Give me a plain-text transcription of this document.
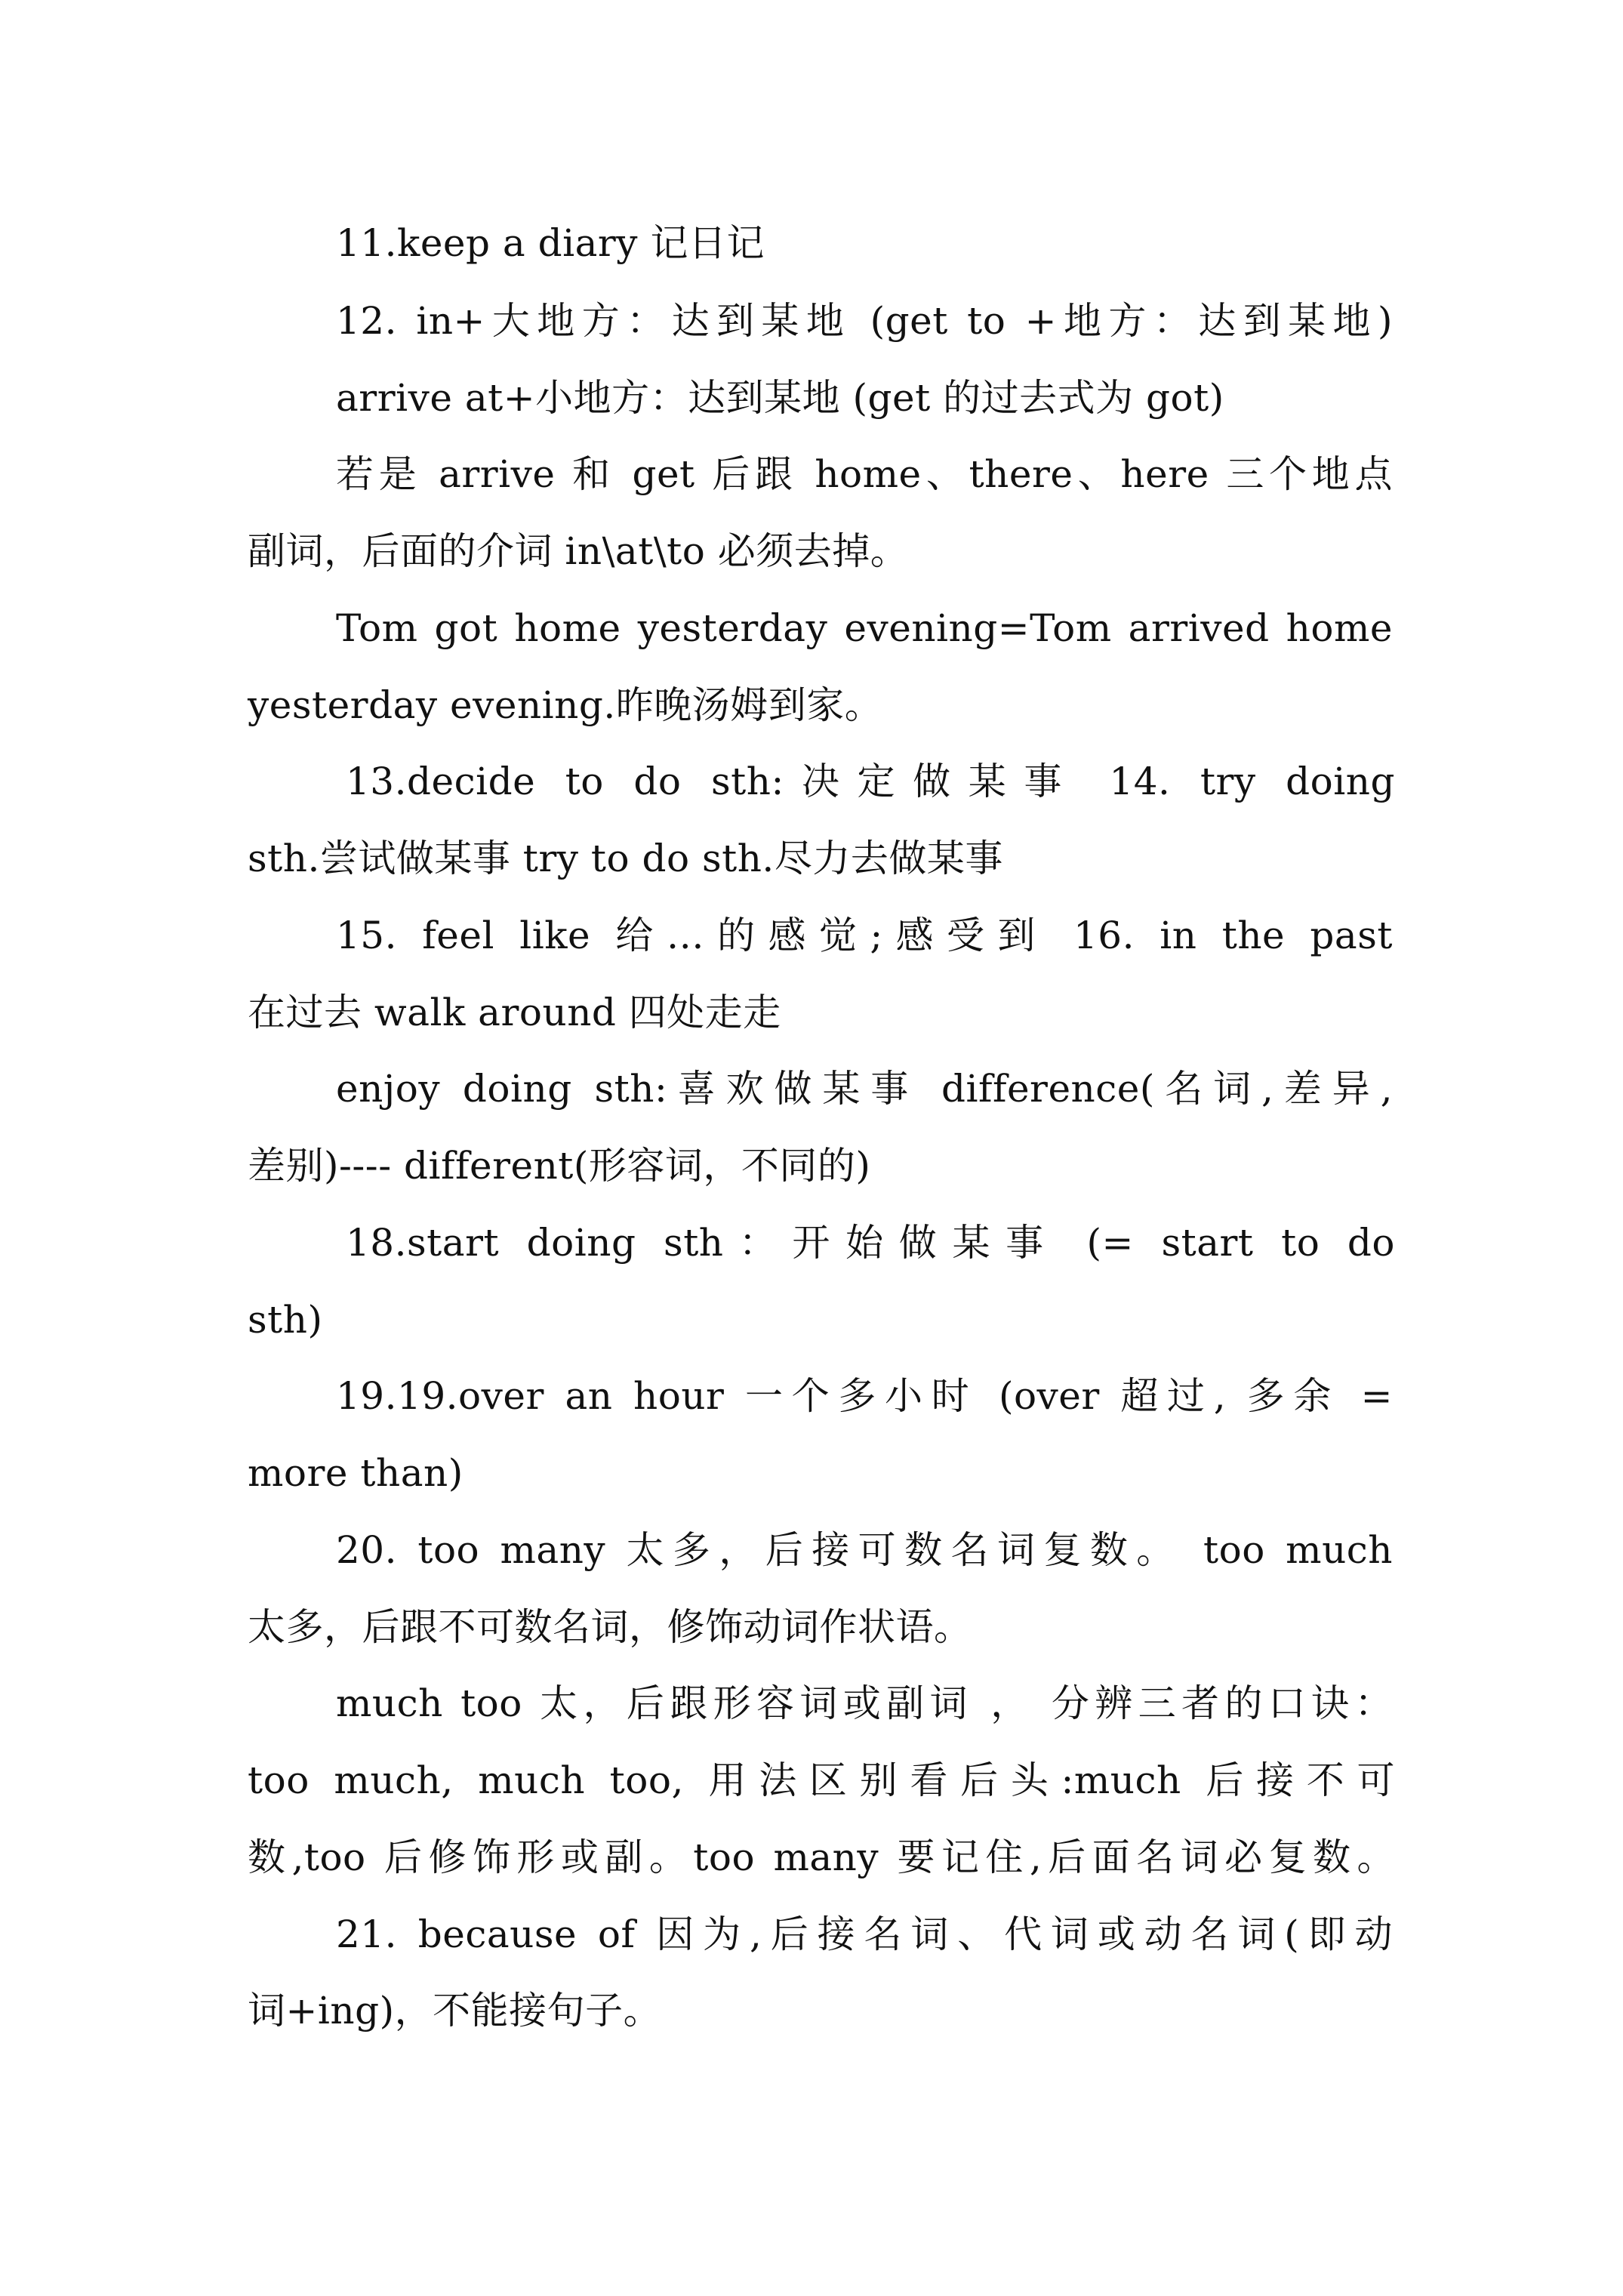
11.keep a diary 记日记
12. in+大地方：达到某地 (get to +地方：达到某地)
arrive at+小地方：达到某地 (get 的过去式为 got)
若是 arrive 和 get 后跟 home、there、here 三个地点
副词，后面的介词 in\at\to 必须去掉。
Tom got home yesterday evening=Tom arrived home
yesterday evening.昨晚汤姆到家。
13.decide to do sth:决定做某事 14. try doing
sth.尝试做某事 try to do sth.尽力去做某事
15. feel like 给…的感觉;感受到 16. in the past
在过去 walk around 四处走走
enjoy doing sth:喜欢做某事 difference(名词,差异,
差别)---- different(形容词，不同的)
18.start doing sth：开始做某事 (= start to do
sth)
19.19.over an hour 一个多小时 (over 超过, 多余 =
more than)
20. too many 太多，后接可数名词复数。 too much
太多，后跟不可数名词，修饰动词作状语。
much too 太，后跟形容词或副词 ， 分辨三者的口诀：
too much, much too, 用法区别看后头:much 后接不可
数,too 后修饰形或副。too many 要记住,后面名词必复数。
21. because of 因为,后接名词、代词或动名词(即动
词+ing)，不能接句子。
